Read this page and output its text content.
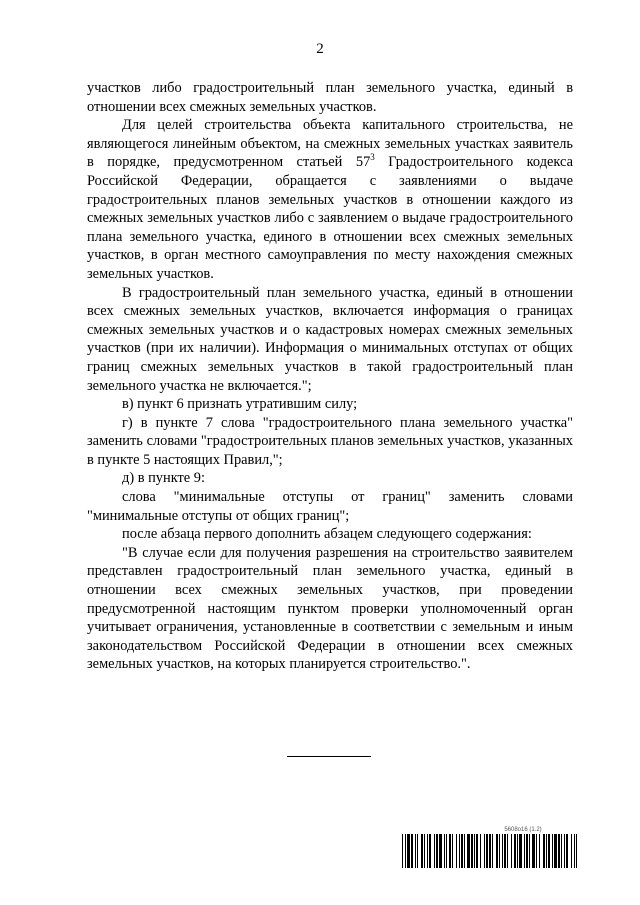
2

участков либо градостроительный план земельного участка, единый в отношении всех смежных земельных участков.

Для целей строительства объекта капитального строительства, не являющегося линейным объектом, на смежных земельных участках заявитель в порядке, предусмотренном статьей $57^3$ Градостроительного кодекса Российской Федерации, обращается с заявлениями о выдаче градостроительных планов земельных участков в отношении каждого из смежных земельных участков либо с заявлением о выдаче градостроительного плана земельного участка, единого в отношении всех смежных земельных участков, в орган местного самоуправления по месту нахождения смежных земельных участков.

В градостроительный план земельного участка, единый в отношении всех смежных земельных участков, включается информация о границах смежных земельных участков и о кадастровых номерах смежных земельных участков (при их наличии). Информация о минимальных отступах от общих границ смежных земельных участков в такой градостроительный план земельного участка не включается.";

в) пункт 6 признать утратившим силу;

г) в пункте 7 слова "градостроительного плана земельного участка" заменить словами "градостроительных планов земельных участков, указанных в пункте 5 настоящих Правил,";

д) в пункте 9:

слова "минимальные отступы от границ" заменить словами "минимальные отступы от общих границ";

после абзаца первого дополнить абзацем следующего содержания:

"В случае если для получения разрешения на строительство заявителем представлен градостроительный план земельного участка, единый в отношении всех смежных земельных участков, при проведении предусмотренной настоящим пунктом проверки уполномоченный орган учитывает ограничения, установленные в соответствии с земельным и иным законодательством Российской Федерации в отношении всех смежных земельных участков, на которых планируется строительство.".

5608о16 (1.2)
